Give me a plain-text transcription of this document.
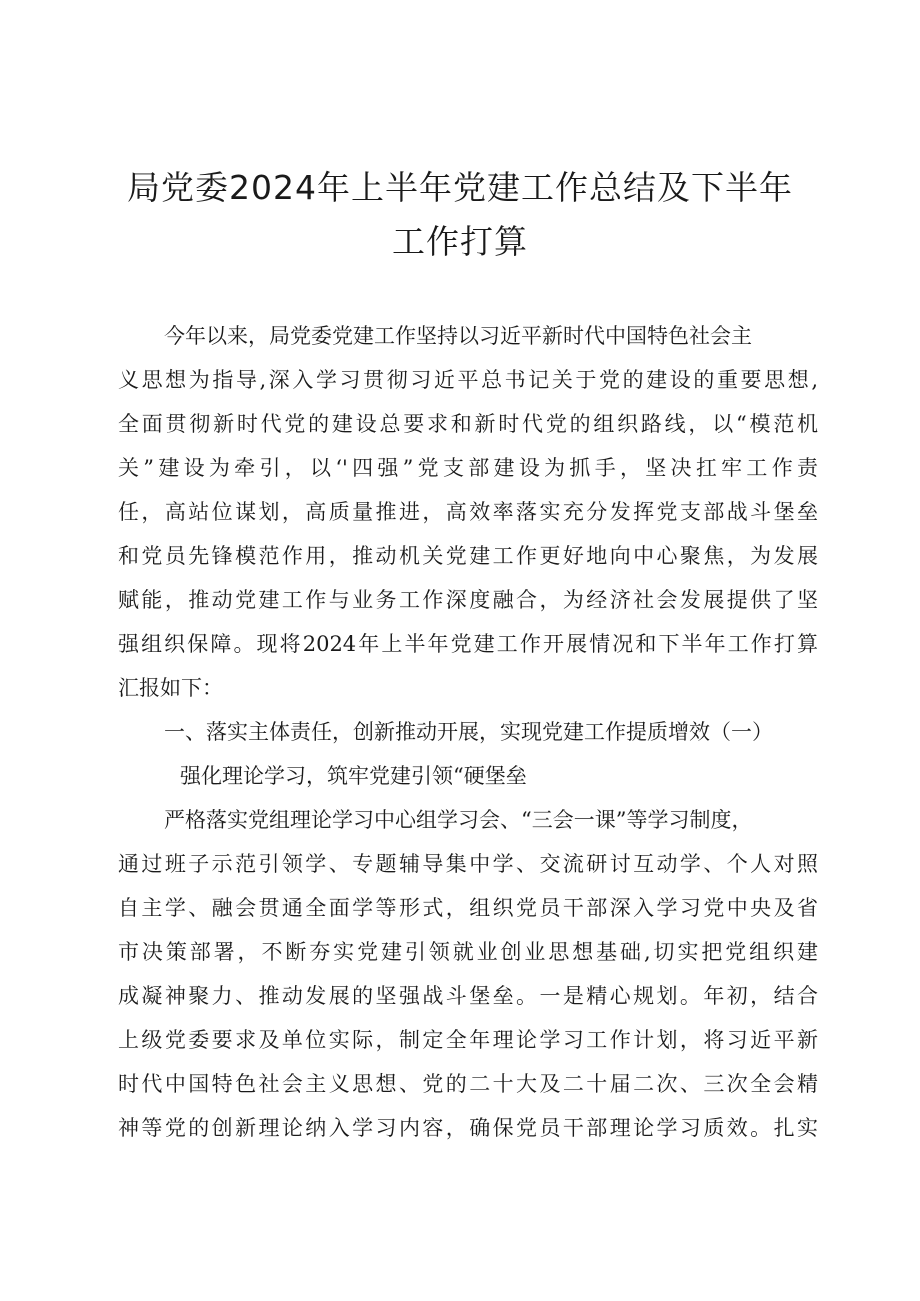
局党委2024年上半年党建工作总结及下半年
工作打算
今年以来，局党委党建工作坚持以习近平新时代中国特色社会主
义思想为指导,深入学习贯彻习近平总书记关于党的建设的重要思想,
全面贯彻新时代党的建设总要求和新时代党的组织路线，以“模范机
关”建设为牵引，以‘'四强”党支部建设为抓手，坚决扛牢工作责
任，高站位谋划，高质量推进，高效率落实充分发挥党支部战斗堡垒
和党员先锋模范作用，推动机关党建工作更好地向中心聚焦，为发展
赋能，推动党建工作与业务工作深度融合，为经济社会发展提供了坚
强组织保障。现将2024年上半年党建工作开展情况和下半年工作打算
汇报如下：
一、落实主体责任，创新推动开展，实现党建工作提质增效（一）
强化理论学习，筑牢党建引领“硬堡垒
严格落实党组理论学习中心组学习会、“三会一课”等学习制度，
通过班子示范引领学、专题辅导集中学、交流研讨互动学、个人对照
自主学、融会贯通全面学等形式，组织党员干部深入学习党中央及省
市决策部署，不断夯实党建引领就业创业思想基础,切实把党组织建
成凝神聚力、推动发展的坚强战斗堡垒。一是精心规划。年初，结合
上级党委要求及单位实际，制定全年理论学习工作计划，将习近平新
时代中国特色社会主义思想、党的二十大及二十届二次、三次全会精
神等党的创新理论纳入学习内容，确保党员干部理论学习质效。扎实
